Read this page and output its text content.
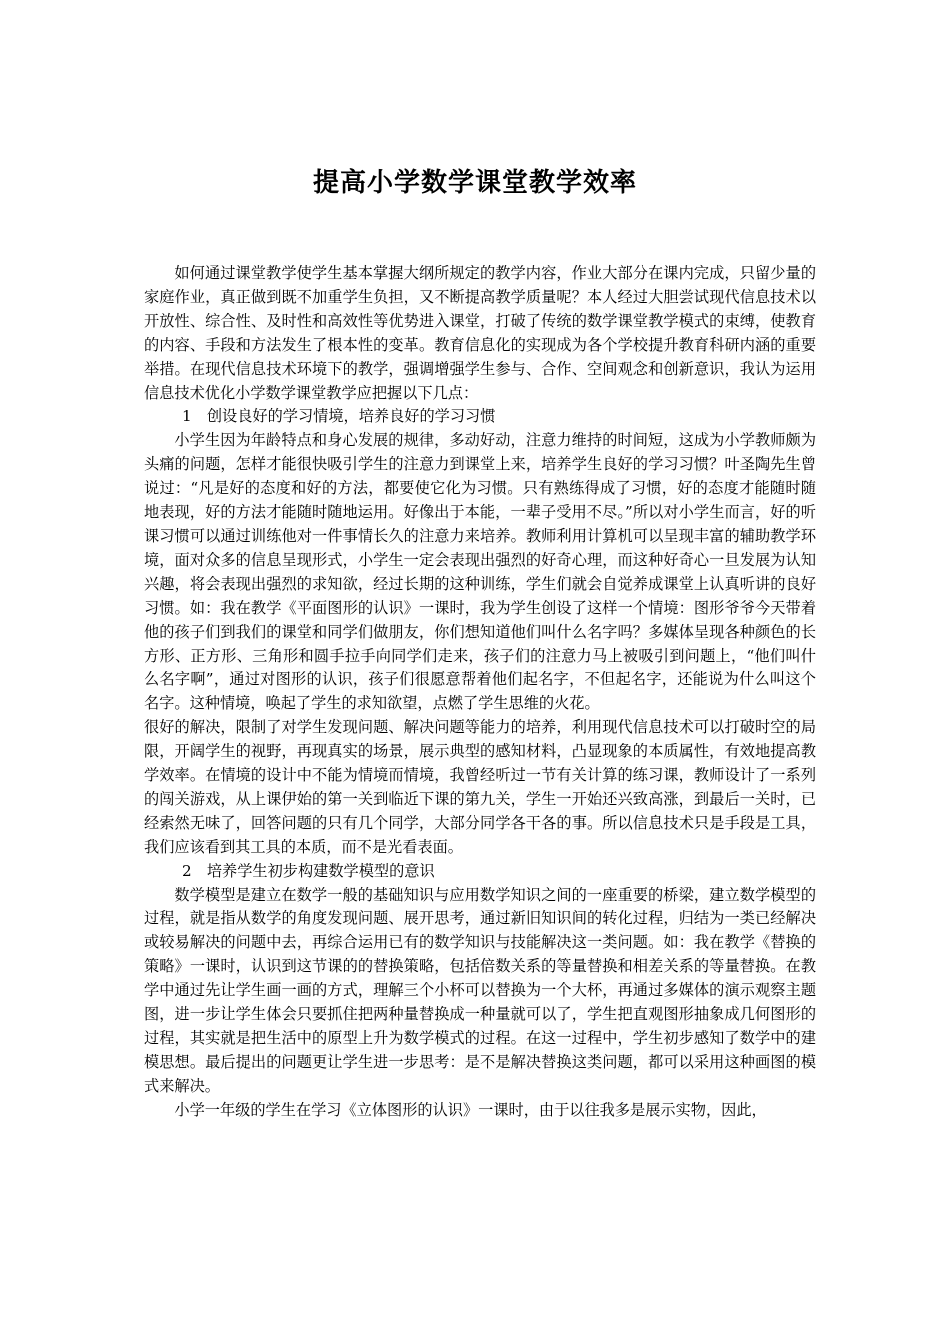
提高小学数学课堂教学效率

如何通过课堂教学使学生基本掌握大纲所规定的教学内容，作业大部分在课内完成，只留少量的家庭作业，真正做到既不加重学生负担，又不断提高教学质量呢？本人经过大胆尝试现代信息技术以开放性、综合性、及时性和高效性等优势进入课堂，打破了传统的数学课堂教学模式的束缚，使教育的内容、手段和方法发生了根本性的变革。教育信息化的实现成为各个学校提升教育科研内涵的重要举措。在现代信息技术环境下的教学，强调增强学生参与、合作、空间观念和创新意识，我认为运用信息技术优化小学数学课堂教学应把握以下几点：

1　创设良好的学习情境，培养良好的学习习惯

小学生因为年龄特点和身心发展的规律，多动好动，注意力维持的时间短，这成为小学教师颇为头痛的问题，怎样才能很快吸引学生的注意力到课堂上来，培养学生良好的学习习惯？叶圣陶先生曾说过：“凡是好的态度和好的方法，都要使它化为习惯。只有熟练得成了习惯，好的态度才能随时随地表现，好的方法才能随时随地运用。好像出于本能，一辈子受用不尽。”所以对小学生而言，好的听课习惯可以通过训练他对一件事情长久的注意力来培养。教师利用计算机可以呈现丰富的辅助教学环境，面对众多的信息呈现形式，小学生一定会表现出强烈的好奇心理，而这种好奇心一旦发展为认知兴趣，将会表现出强烈的求知欲，经过长期的这种训练，学生们就会自觉养成课堂上认真听讲的良好习惯。如：我在教学《平面图形的认识》一课时，我为学生创设了这样一个情境：图形爷爷今天带着他的孩子们到我们的课堂和同学们做朋友，你们想知道他们叫什么名字吗？多媒体呈现各种颜色的长方形、正方形、三角形和圆手拉手向同学们走来，孩子们的注意力马上被吸引到问题上，“他们叫什么名字啊”，通过对图形的认识，孩子们很愿意帮着他们起名字，不但起名字，还能说为什么叫这个名字。这种情境，唤起了学生的求知欲望，点燃了学生思维的火花。

很好的解决，限制了对学生发现问题、解决问题等能力的培养，利用现代信息技术可以打破时空的局限，开阔学生的视野，再现真实的场景，展示典型的感知材料，凸显现象的本质属性，有效地提高教学效率。在情境的设计中不能为情境而情境，我曾经听过一节有关计算的练习课，教师设计了一系列的闯关游戏，从上课伊始的第一关到临近下课的第九关，学生一开始还兴致高涨，到最后一关时，已经索然无味了，回答问题的只有几个同学，大部分同学各干各的事。所以信息技术只是手段是工具，我们应该看到其工具的本质，而不是光看表面。

2　培养学生初步构建数学模型的意识

数学模型是建立在数学一般的基础知识与应用数学知识之间的一座重要的桥梁，建立数学模型的过程，就是指从数学的角度发现问题、展开思考，通过新旧知识间的转化过程，归结为一类已经解决或较易解决的问题中去，再综合运用已有的数学知识与技能解决这一类问题。如：我在教学《替换的策略》一课时，认识到这节课的的替换策略，包括倍数关系的等量替换和相差关系的等量替换。在教学中通过先让学生画一画的方式，理解三个小杯可以替换为一个大杯，再通过多媒体的演示观察主题图，进一步让学生体会只要抓住把两种量替换成一种量就可以了，学生把直观图形抽象成几何图形的过程，其实就是把生活中的原型上升为数学模式的过程。在这一过程中，学生初步感知了数学中的建模思想。最后提出的问题更让学生进一步思考：是不是解决替换这类问题，都可以采用这种画图的模式来解决。

小学一年级的学生在学习《立体图形的认识》一课时，由于以往我多是展示实物，因此，
